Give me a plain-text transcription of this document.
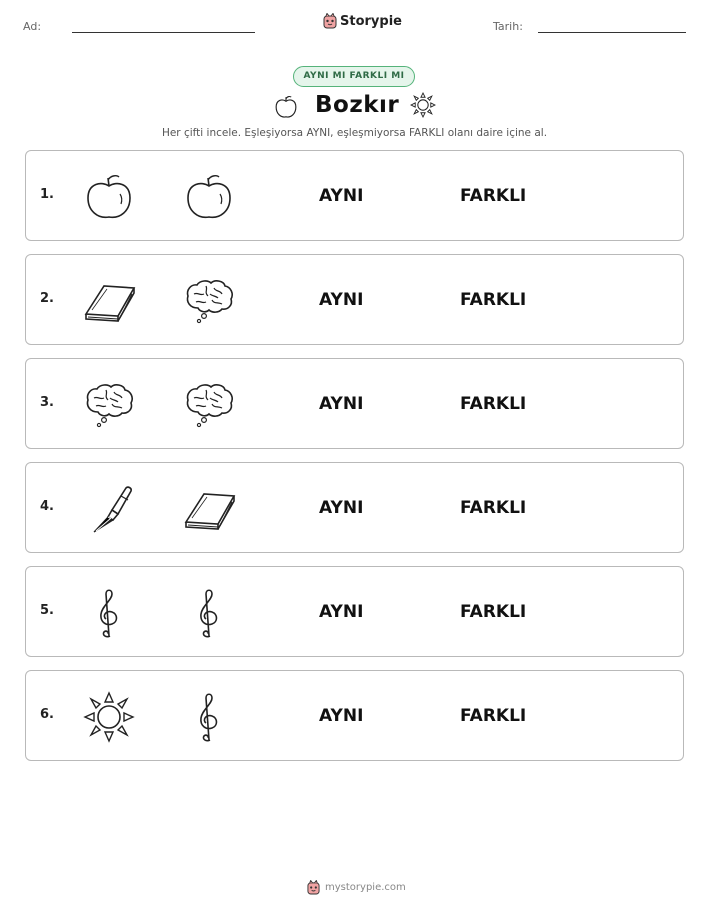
Ad:	Storypie	Tarih:
AYNI MI FARKLI MI
Bozkır
Her çifti incele. Eşleşiyorsa AYNI, eşleşmiyorsa FARKLI olanı daire içine al.
1.	AYNI	FARKLI
2.	AYNI	FARKLI
3.	AYNI	FARKLI
4.	AYNI	FARKLI
5.	AYNI	FARKLI
6.	AYNI	FARKLI
mystorypie.com
